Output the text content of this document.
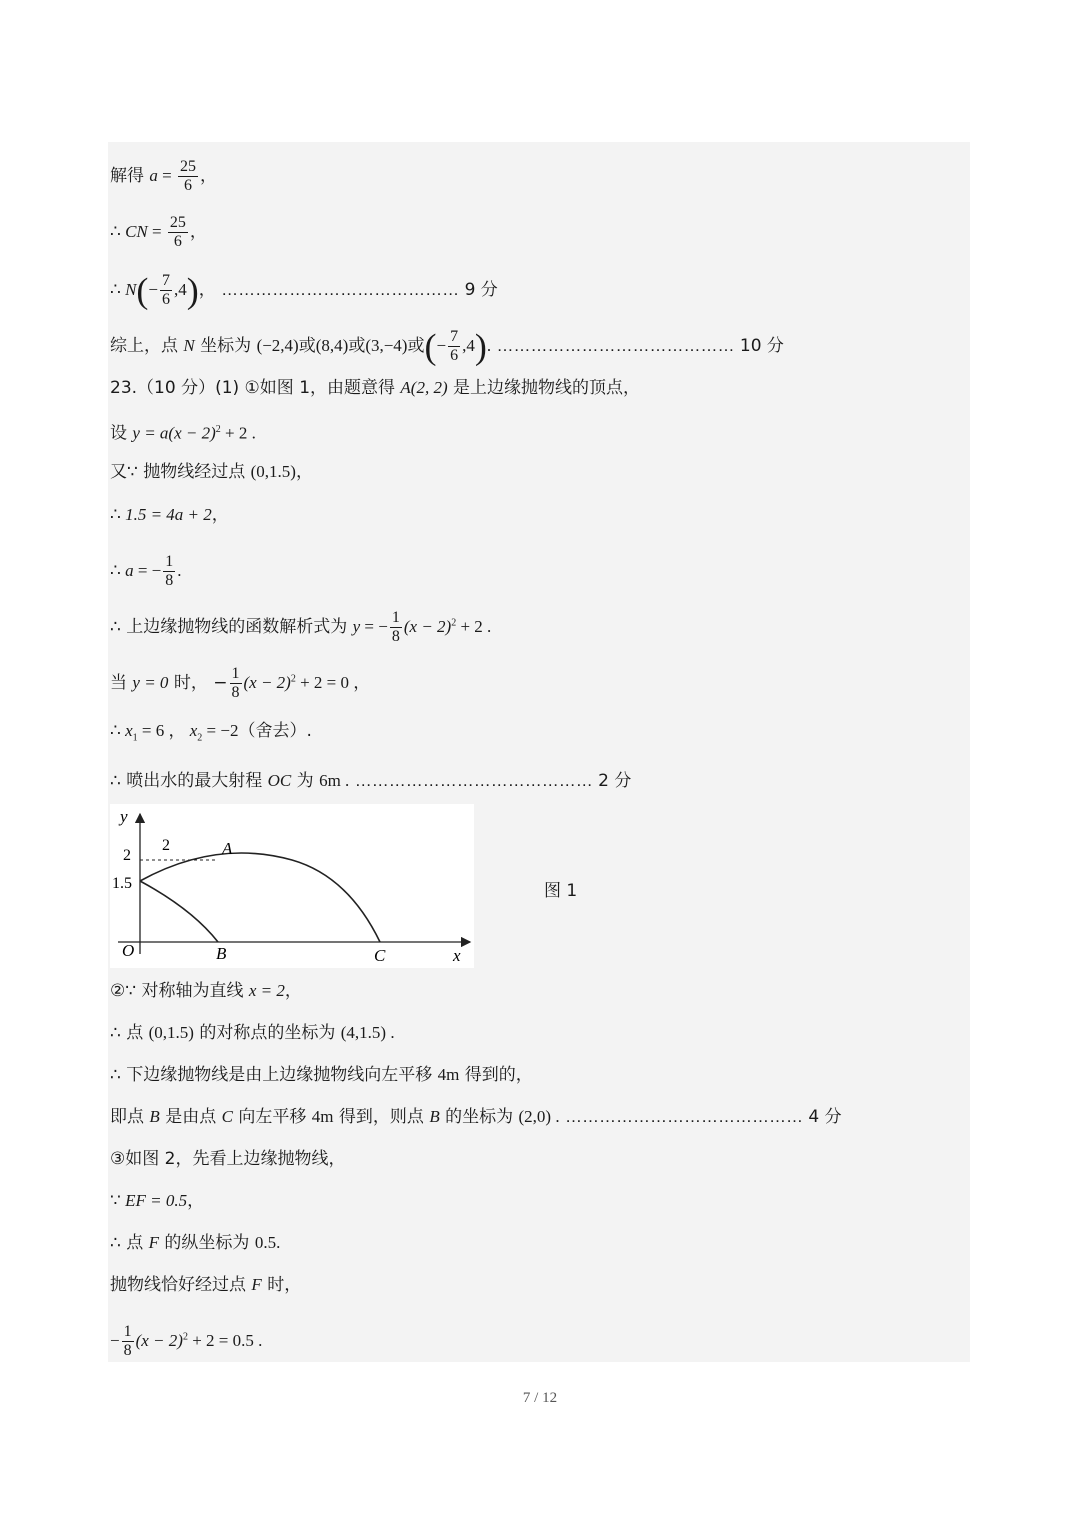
解得 $a = \frac{25}{6}$ ，
∴ CN = $\frac{25}{6}$ ，
∴ $N(- \frac{7}{6} ,4)$， …………………………………… 9 分
综上，点 N 坐标为 (−2,4)或(8,4)或(3,−4)或(− $\frac{7}{6} ,4$). …………………………………… 10 分
23.（10 分）(1) ①如图 1，由题意得 A(2, 2) 是上边缘抛物线的顶点，
设 $y = a(x - 2)^2 + 2$ .
又∵ 抛物线经过点 (0,1.5)，
∴ 1.5 = 4a + 2，
∴ a = − $\frac{1}{8}$ .
∴ 上边缘抛物线的函数解析式为 y = − $\frac{1}{8} (x - 2)^2 + 2$ .
当 y = 0 时， − $\frac{1}{8} (x - 2)^2 + 2 = 0$ ，
∴ $x_1 = 6$ ， $x_2 = -2$（舍去）.
∴ 喷出水的最大射程 OC 为 6m . …………………………………… 2 分
y
x
O
2
1.5
2	A
B	C
图 1
②∵ 对称轴为直线 x = 2，
∴ 点 (0,1.5) 的对称点的坐标为 (4,1.5) .
∴ 下边缘抛物线是由上边缘抛物线向左平移 4m 得到的，
即点 B 是由点 C 向左平移 4m 得到，则点 B 的坐标为 (2,0) . …………………………………… 4 分
③如图 2，先看上边缘抛物线，
∵ EF = 0.5，
∴ 点 F 的纵坐标为 0.5.
抛物线恰好经过点 F 时，
− $\frac{1}{8} (x - 2)^2 + 2 = 0.5$ .
7 / 12
